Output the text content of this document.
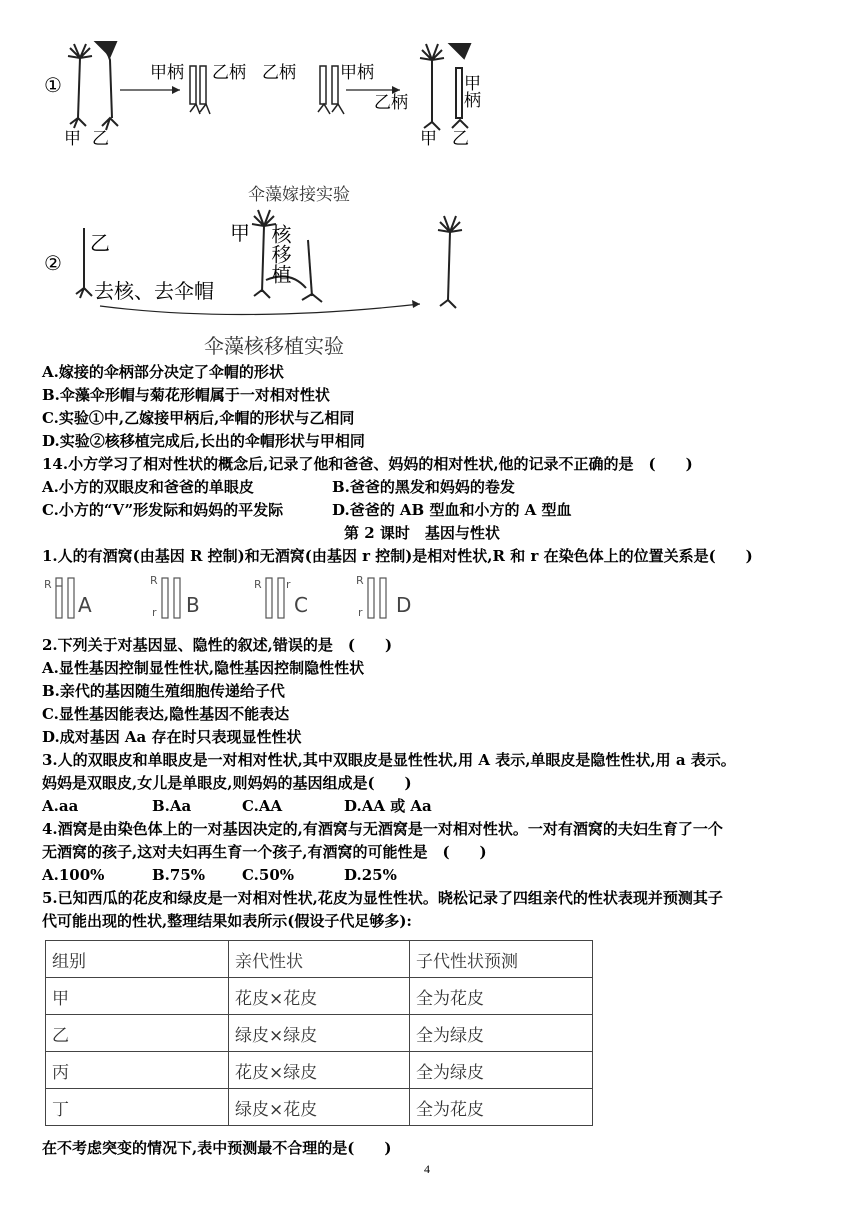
①
甲 乙
甲柄 乙柄 乙柄	甲柄
乙柄	甲柄
甲 乙
伞藻嫁接实验
②
乙
去核、去伞帽
甲 核移植
伞藻核移植实验
A.嫁接的伞柄部分决定了伞帽的形状
B.伞藻伞形帽与菊花形帽属于一对相对性状
C.实验①中,乙嫁接甲柄后,伞帽的形状与乙相同
D.实验②核移植完成后,长出的伞帽形状与甲相同
14.小方学习了相对性状的概念后,记录了他和爸爸、妈妈的相对性状,他的记录不正确的是　(　　)
A.小方的双眼皮和爸爸的单眼皮	B.爸爸的黑发和妈妈的卷发
C.小方的“V”形发际和妈妈的平发际	D.爸爸的 AB 型血和小方的 A 型血
第 2 课时　基因与性状
1.人的有酒窝(由基因 R 控制)和无酒窝(由基因 r 控制)是相对性状,R 和 r 在染色体上的位置关系是(　　)
R
A
R
r B
R r
C
R
r D
2.下列关于对基因显、隐性的叙述,错误的是　(　　)
A.显性基因控制显性性状,隐性基因控制隐性性状
B.亲代的基因随生殖细胞传递给子代
C.显性基因能表达,隐性基因不能表达
D.成对基因 Aa 存在时只表现显性性状
3.人的双眼皮和单眼皮是一对相对性状,其中双眼皮是显性性状,用 A 表示,单眼皮是隐性性状,用 a 表示。
妈妈是双眼皮,女儿是单眼皮,则妈妈的基因组成是(　　)
A.aa	B.Aa	C.AA	D.AA 或 Aa
4.酒窝是由染色体上的一对基因决定的,有酒窝与无酒窝是一对相对性状。一对有酒窝的夫妇生育了一个
无酒窝的孩子,这对夫妇再生育一个孩子,有酒窝的可能性是　(　　)
A.100%	B.75% C.50%	D.25%
5.已知西瓜的花皮和绿皮是一对相对性状,花皮为显性性状。晓松记录了四组亲代的性状表现并预测其子
代可能出现的性状,整理结果如表所示(假设子代足够多):
组别	亲代性状	子代性状预测
甲	花皮×花皮	全为花皮
乙	绿皮×绿皮	全为绿皮
丙	花皮×绿皮	全为绿皮
丁	绿皮×花皮	全为花皮
在不考虑突变的情况下,表中预测最不合理的是(　　)
4
